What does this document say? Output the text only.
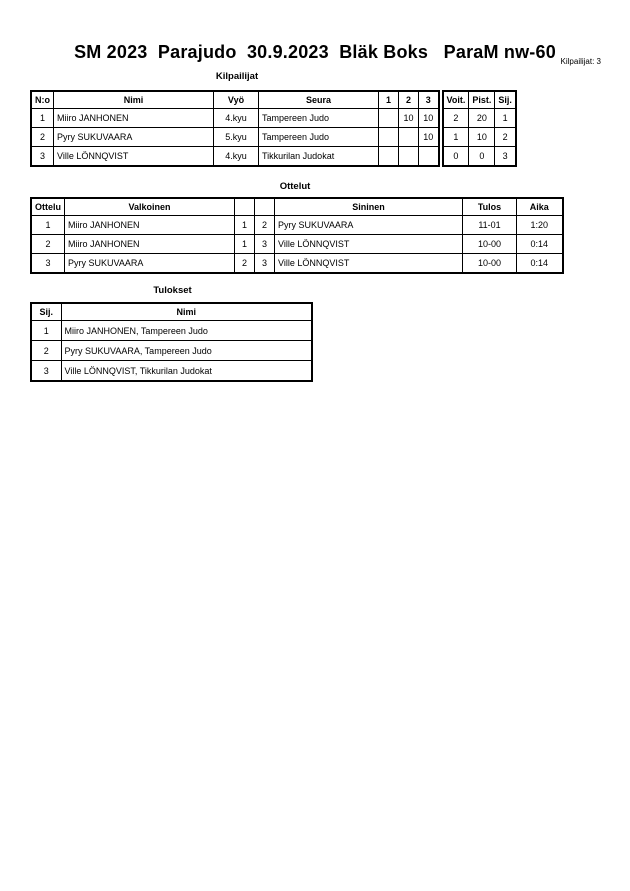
SM 2023  Parajudo  30.9.2023  Bläk Boks   ParaM nw-60 Kilpailijat: 3
Kilpailijat
N:o	Nimi	Vyö	Seura	1	2	3
1	Miiro JANHONEN	4.kyu	Tampereen Judo		10	10
2	Pyry SUKUVAARA	5.kyu	Tampereen Judo			10
3	Ville LÖNNQVIST	4.kyu	Tikkurilan Judokat			
Voit.	Pist.	Sij.
2	20	1
1	10	2
0	0	3
Ottelut
Ottelu	Valkoinen			Sininen	Tulos	Aika
1	Miiro JANHONEN	1	2	Pyry SUKUVAARA	11-01	1:20
2	Miiro JANHONEN	1	3	Ville LÖNNQVIST	10-00	0:14
3	Pyry SUKUVAARA	2	3	Ville LÖNNQVIST	10-00	0:14
Tulokset
Sij.	Nimi
1	Miiro JANHONEN, Tampereen Judo
2	Pyry SUKUVAARA, Tampereen Judo
3	Ville LÖNNQVIST, Tikkurilan Judokat
